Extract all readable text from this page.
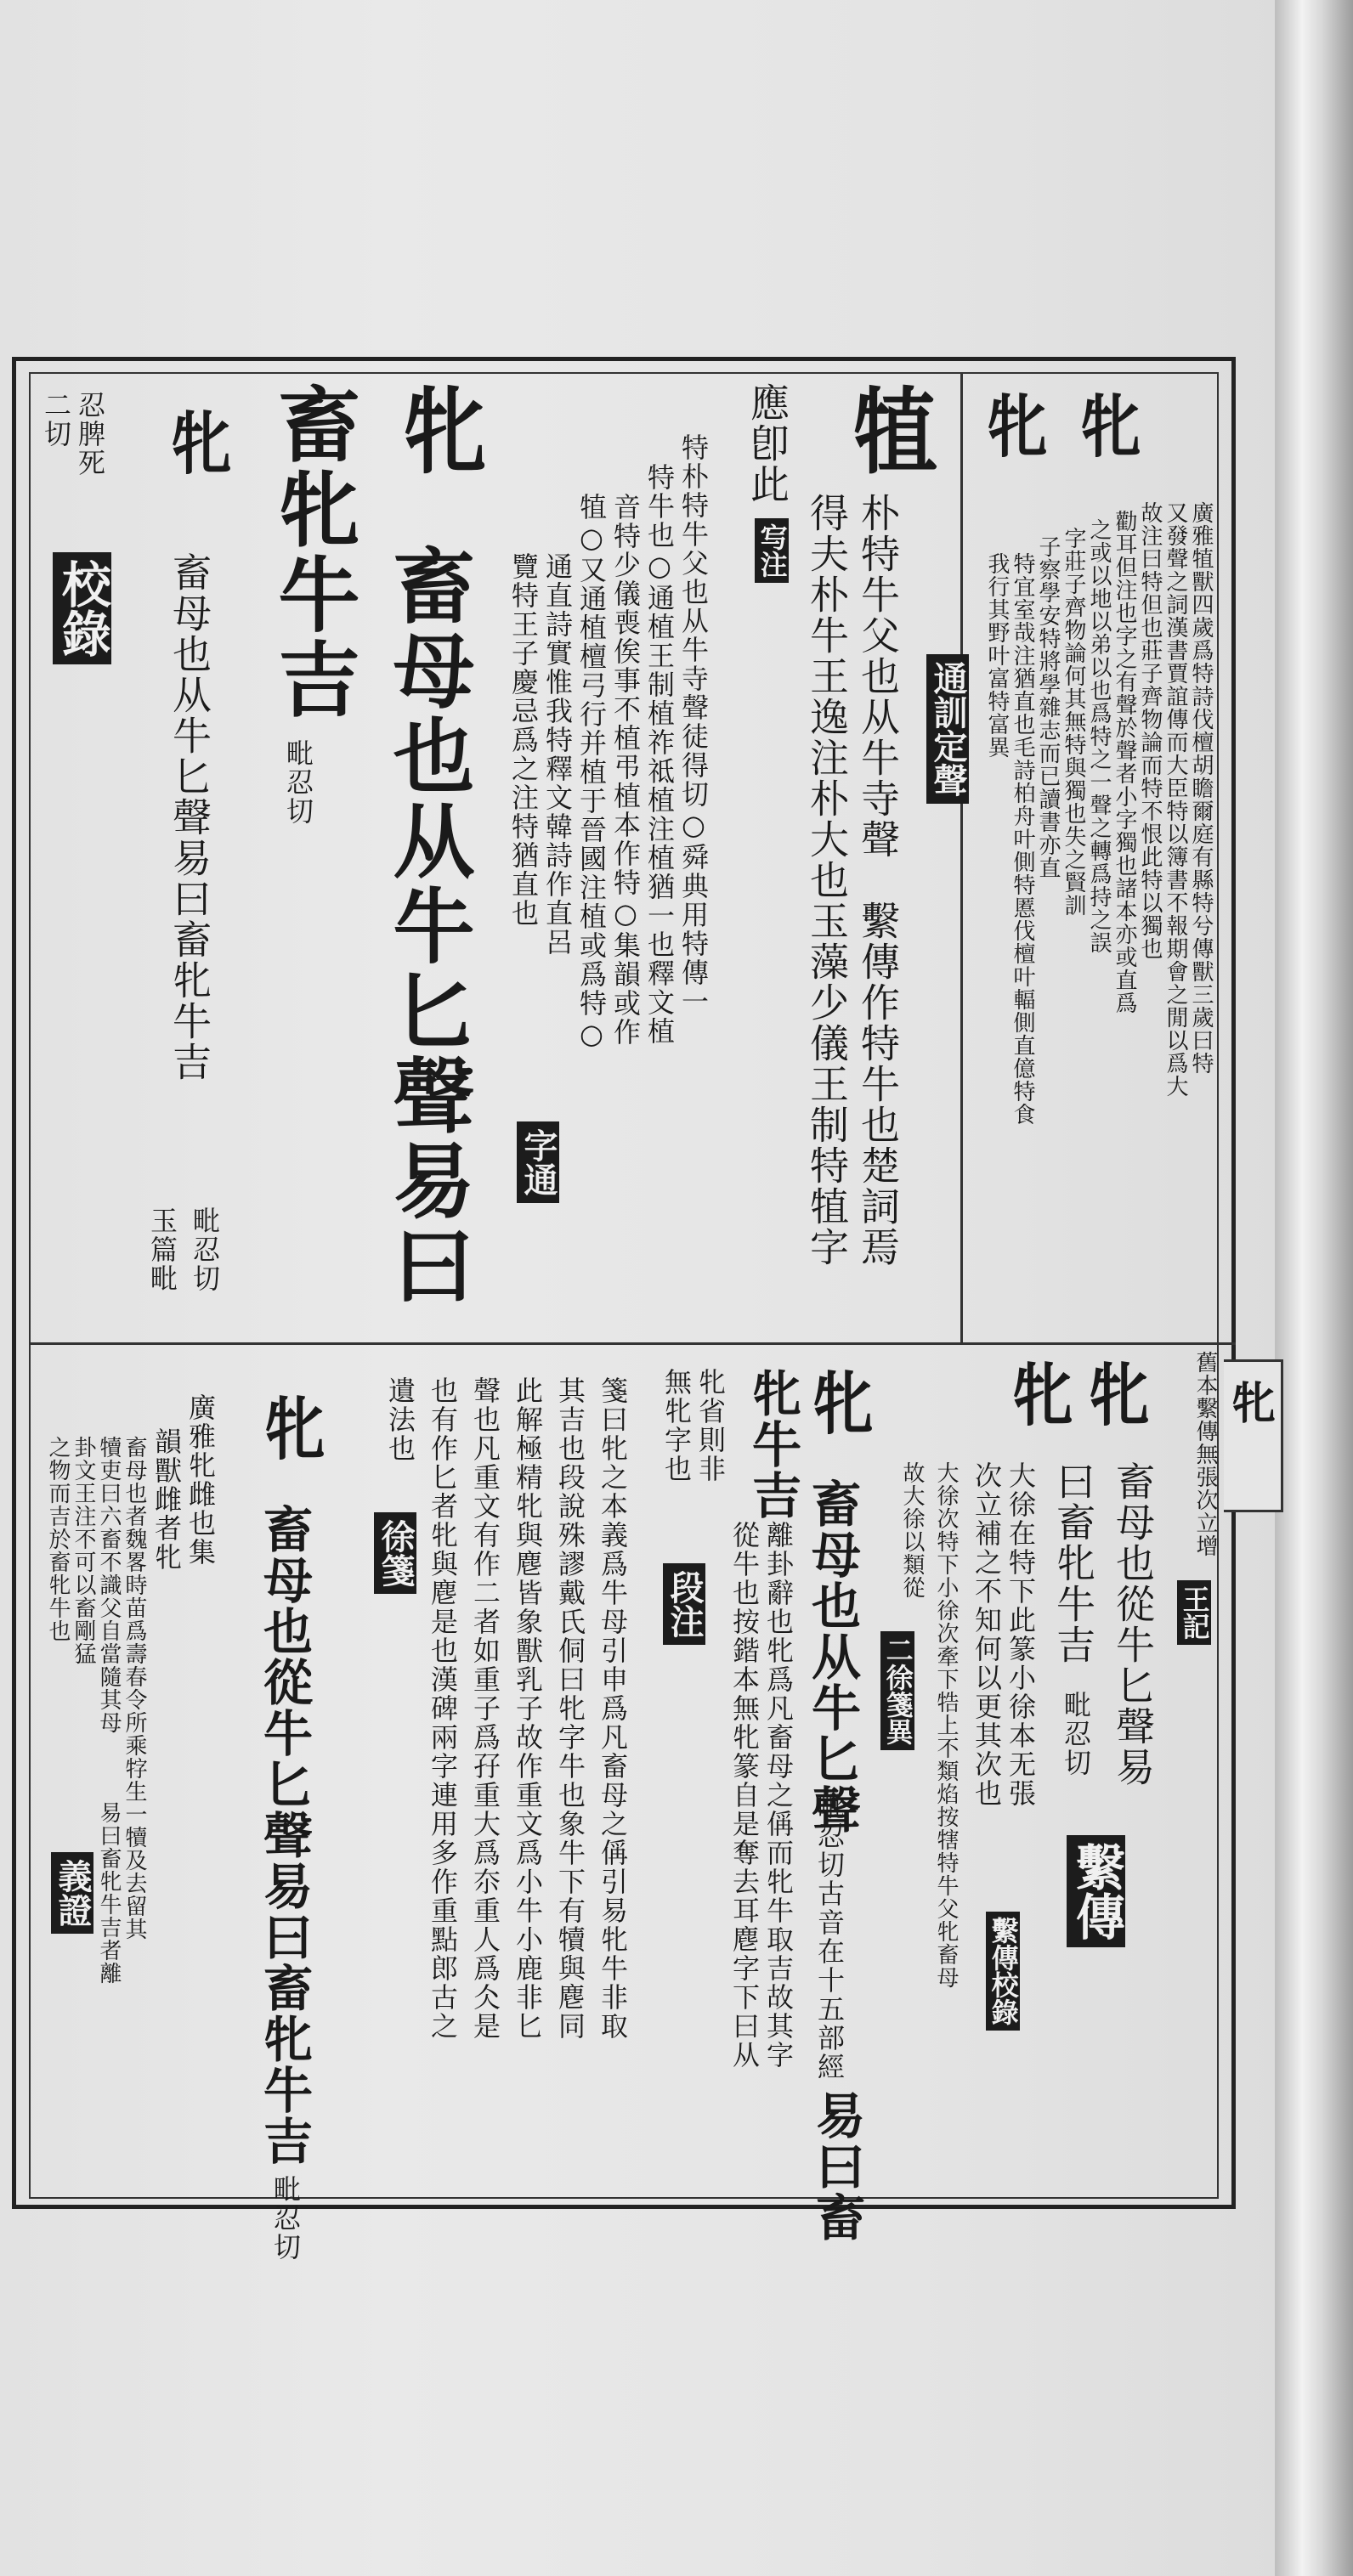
牝
廣雅犆獸四歲爲特詩伐檀胡瞻爾庭有縣特兮傳獸三歲曰特
又發聲之詞漢書賈誼傳而大臣特以簿書不報期會之閒以爲大
故注曰特但也莊子齊物論而特不恨此特以獨也
勸耳但注也字之有聲於聲者小字獨也諸本亦或直爲
之或以地以弟以也爲特之一聲之轉爲持之誤
字莊子齊物論何其無特與獨也失之賢訓
子察學安特將學雜志而已讀書亦直
特宜室哉注猶直也毛詩柏舟叶側特慝伐檀叶輻側直億特食
我行其野叶富特富異
牝 牝
通訓定聲
犆
朴特牛父也从牛寺聲　繫傳作特牛也楚詞焉
得夫朴牛王逸注朴大也玉藻少儀王制特犆字
應卽此
㝍注
特朴特牛父也从牛寺聲徒得切○舜典用特傳一
特牛也○通植王制植祚祗植注植猶一也釋文植
音特少儀喪俟事不植弔植本作特○集韻或作
犆○又通植檀弓行并植于晉國注植或爲特○
通直詩實惟我特釋文韓詩作直呂
覽特王子慶忌爲之注特猶直也
字通
牝
畜母也从牛匕聲易曰
畜牝牛吉
毗忍切
牝
畜母也从牛匕聲易曰畜牝牛吉
毗忍切
玉篇毗
忍脾死
二切
校錄
舊本繫傳無張次立增
王記
牝
牝
畜母也從牛匕聲易
曰畜牝牛吉
毗忍切
大徐在特下此篆小徐本无張
次立補之不知何以更其次也
繫傳
繫傳校錄
大徐次特下小徐次牽下牿上不類焰按犗特牛父牝畜母
故大徐以類從
二徐箋異
牝
畜母也从牛匕聲
毗忍切古音在十五部經
易曰畜
牝牛吉
離卦辭也牝爲凡畜母之偁而牝牛取吉故其字
從牛也按鍇本無牝篆自是奪去耳麀字下曰从
牝省則非
無牝字也
段注
箋曰牝之本義爲牛母引申爲凡畜母之偁引易牝牛非取
其吉也段說殊謬戴氏侗曰牝字牛也象牛下有犢與麀同
此解極精牝與麀皆象獸乳子故作重文爲小牛小鹿非匕
聲也凡重文有作二者如重子爲孖重大爲夵重人爲仌是
也有作匕者牝與麀是也漢碑兩字連用多作重點郎古之
遺法也
徐箋
牝
畜母也從牛匕聲易曰畜牝牛吉
毗忍切
廣雅牝雌也集
韻獸雌者牝
畜母也者魏畧時苗爲壽春令所乘牸生一犢及去留其
犢吏曰六畜不識父自當隨其母
卦文王注不可以畜剛猛
之物而吉於畜牝牛也
易曰畜牝牛吉者離
義證
